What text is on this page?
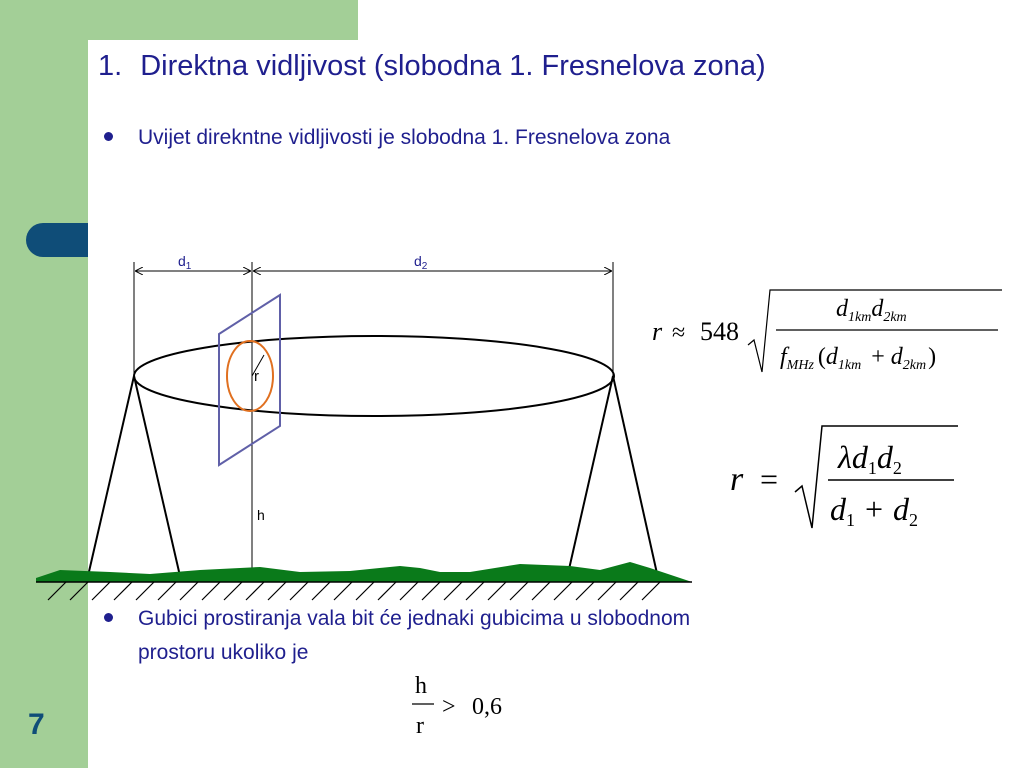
1. Direktna vidljivost (slobodna 1. Fresnelova zona)
Uvijet direkntne vidljivosti je slobodna 1. Fresnelova zona
Gubici prostiranja vala bit će jednaki gubicima u slobodnom
prostoru ukoliko je
7
$d_1$	$d_2$
r
h
r ≈ 548
$d_{1km}d_{2km}$
$f_{MHz}$ $(d_{1km} + d_{2km})$
r =
λd1d2
d1 + d2
h
r
> 0,6
